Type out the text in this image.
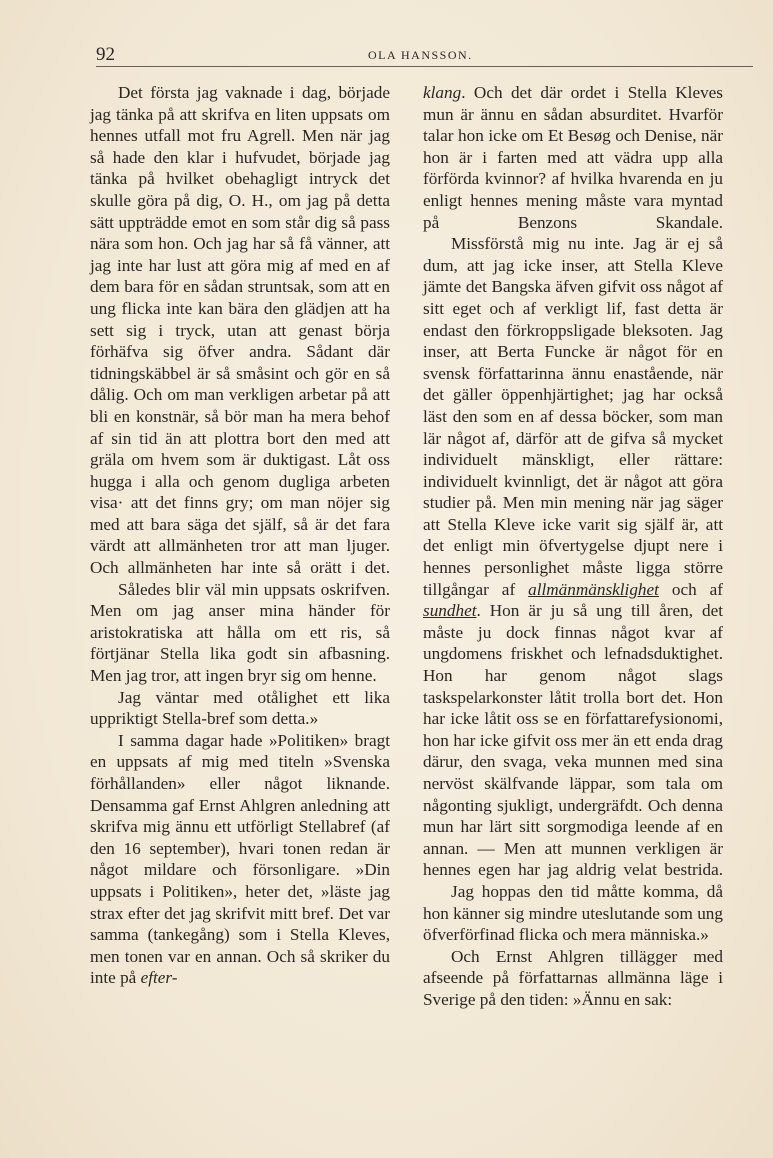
92	OLA HANSSON.

Det första jag vaknade i dag, började jag tänka på att skrifva en liten uppsats om hennes utfall mot fru Agrell. Men när jag så hade den klar i hufvudet, började jag tänka på hvilket obehagligt intryck det skulle göra på dig, O. H., om jag på detta sätt uppträdde emot en som står dig så pass nära som hon. Och jag har så få vänner, att jag inte har lust att göra mig af med en af dem bara för en sådan struntsak, som att en ung flicka inte kan bära den glädjen att ha sett sig i tryck, utan att genast börja förhäfva sig öfver andra. Sådant där tidningskäbbel är så småsint och gör en så dålig. Och om man verkligen arbetar på att bli en konstnär, så bör man ha mera behof af sin tid än att plottra bort den med att gräla om hvem som är duktigast. Låt oss hugga i alla och genom dugliga arbeten visa· att det finns gry; om man nöjer sig med att bara säga det själf, så är det fara värdt att allmänheten tror att man ljuger. Och allmänheten har inte så orätt i det.

Således blir väl min uppsats oskrifven. Men om jag anser mina händer för aristokratiska att hålla om ett ris, så förtjänar Stella lika godt sin afbasning. Men jag tror, att ingen bryr sig om henne.

Jag väntar med otålighet ett lika uppriktigt Stella-bref som detta.»

I samma dagar hade »Politiken» bragt en uppsats af mig med titeln »Svenska förhållanden» eller något liknande. Densamma gaf Ernst Ahlgren anledning att skrifva mig ännu ett utförligt Stellabref (af den 16 september), hvari tonen redan är något mildare och försonligare. »Din uppsats i Politiken», heter det, »läste jag strax efter det jag skrifvit mitt bref. Det var samma (tankegång) som i Stella Kleves, men tonen var en annan. Och så skriker du inte på efter-

klang. Och det där ordet i Stella Kleves mun är ännu en sådan absurditet. Hvarför talar hon icke om Et Besøg och Denise, när hon är i farten med att vädra upp alla förförda kvinnor? af hvilka hvarenda en ju enligt hennes mening måste vara myntad på Benzons Skandale.

Missförstå mig nu inte. Jag är ej så dum, att jag icke inser, att Stella Kleve jämte det Bangska äfven gifvit oss något af sitt eget och af verkligt lif, fast detta är endast den förkroppsligade bleksoten. Jag inser, att Berta Funcke är något för en svensk författarinna ännu enastående, när det gäller öppenhjärtighet; jag har också läst den som en af dessa böcker, som man lär något af, därför att de gifva så mycket individuelt mänskligt, eller rättare: individuelt kvinnligt, det är något att göra studier på. Men min mening när jag säger att Stella Kleve icke varit sig själf är, att det enligt min öfvertygelse djupt nere i hennes personlighet måste ligga större tillgångar af allmänmänsklighet och af sundhet. Hon är ju så ung till åren, det måste ju dock finnas något kvar af ungdomens friskhet och lefnadsduktighet. Hon har genom något slags taskspelarkonster låtit trolla bort det. Hon har icke låtit oss se en författarefysionomi, hon har icke gifvit oss mer än ett enda drag därur, den svaga, veka munnen med sina nervöst skälfvande läppar, som tala om någonting sjukligt, undergräfdt. Och denna mun har lärt sitt sorgmodiga leende af en annan. — Men att munnen verkligen är hennes egen har jag aldrig velat bestrida.

Jag hoppas den tid måtte komma, då hon känner sig mindre uteslutande som ung öfverförfinad flicka och mera människa.»

Och Ernst Ahlgren tillägger med afseende på författarnas allmänna läge i Sverige på den tiden: »Ännu en sak:
